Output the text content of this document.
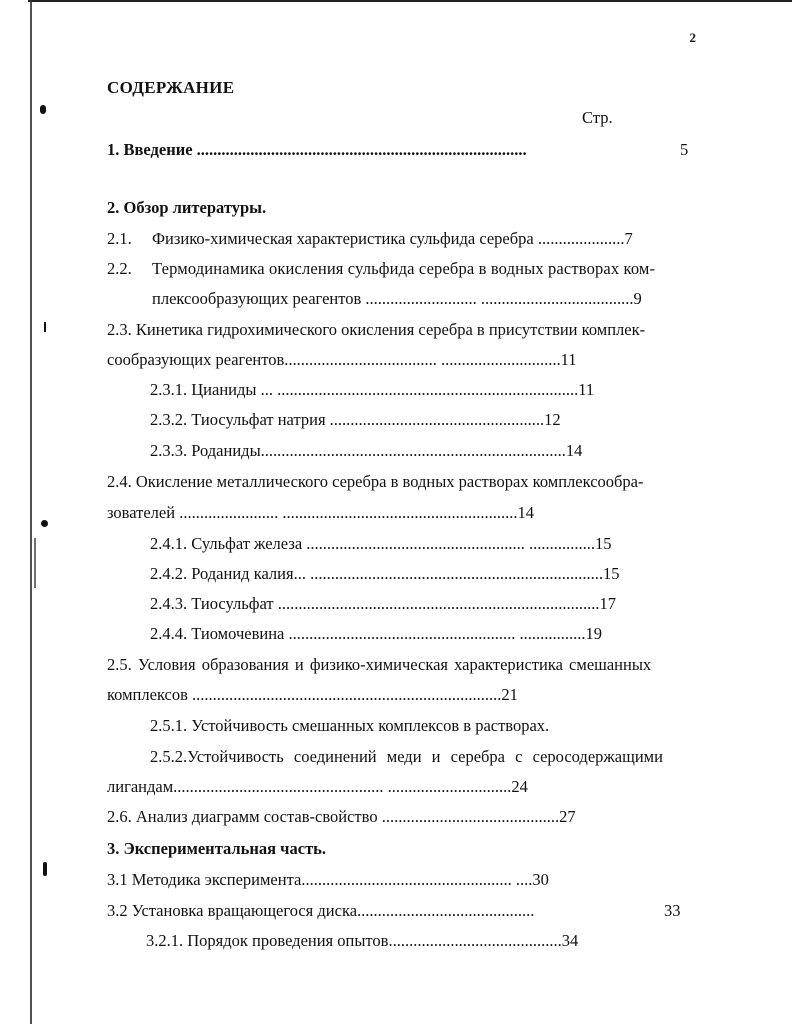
2
СОДЕРЖАНИЕ
Стр.
1. Введение ................................................................................	5
2. Обзор литературы.
2.1. Физико-химическая характеристика сульфида серебра .....................7
2.2. Термодинамика окисления сульфида серебра в водных растворах ком-
плексообразующих реагентов ........................... .....................................9
2.3. Кинетика гидрохимического окисления серебра в присутствии комплек-
сообразующих реагентов..................................... .............................11
2.3.1. Цианиды ... .........................................................................11
2.3.2. Тиосульфат натрия ....................................................12
2.3.3. Роданиды..........................................................................14
2.4. Окисление металлического серебра в водных растворах комплексообра-
зователей ........................ .........................................................14
2.4.1. Сульфат железа ..................................................... ................15
2.4.2. Роданид калия... .......................................................................15
2.4.3. Тиосульфат ..............................................................................17
2.4.4. Тиомочевина ....................................................... ................19
2.5. Условия образования и физико-химическая характеристика смешанных
комплексов ...........................................................................21
2.5.1. Устойчивость смешанных комплексов в растворах.
2.5.2.Устойчивость соединений меди и серебра с серосодержащими
лигандам................................................... ..............................24
2.6. Анализ диаграмм состав-свойство ...........................................27
3. Экспериментальная часть.
3.1 Методика эксперимента................................................... ....30
3.2 Установка вращающегося диска...........................................	33
3.2.1. Порядок проведения опытов..........................................34
